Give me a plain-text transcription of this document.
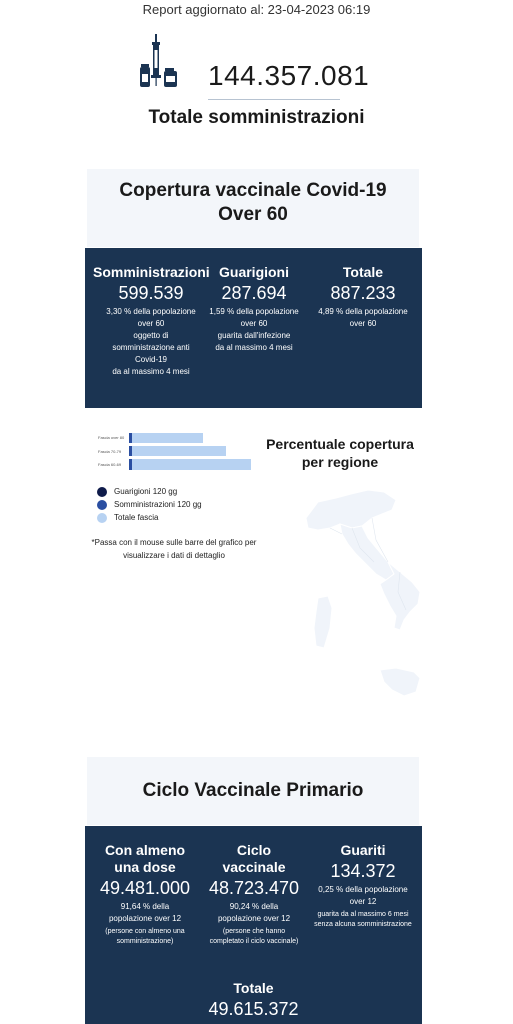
Report aggiornato al: 23-04-2023 06:19
144.357.081
Totale somministrazioni
Copertura vaccinale Covid-19
Over 60
Somministrazioni
599.539
3,30 % della popolazione
over 60
oggetto di
somministrazione anti
Covid-19
da al massimo 4 mesi
Guarigioni
287.694
1,59 % della popolazione
over 60
guarita dall'infezione
da al massimo 4 mesi
Totale
887.233
4,89 % della popolazione
over 60
Fascia over 80
Fascia 70-79
Fascia 60-69
Guarigioni 120 gg
Somministrazioni 120 gg
Totale fascia
*Passa con il mouse sulle barre del grafico per visualizzare i dati di dettaglio
Percentuale copertura per regione
Ciclo Vaccinale Primario
Con almeno
una dose
49.481.000
91,64 % della
popolazione over 12
(persone con almeno una
somministrazione)
Ciclo
vaccinale
48.723.470
90,24 % della
popolazione over 12
(persone che hanno
completato il ciclo vaccinale)
Guariti
134.372
0,25 % della popolazione
over 12
guarita da al massimo 6 mesi
senza alcuna somministrazione
Totale
49.615.372
